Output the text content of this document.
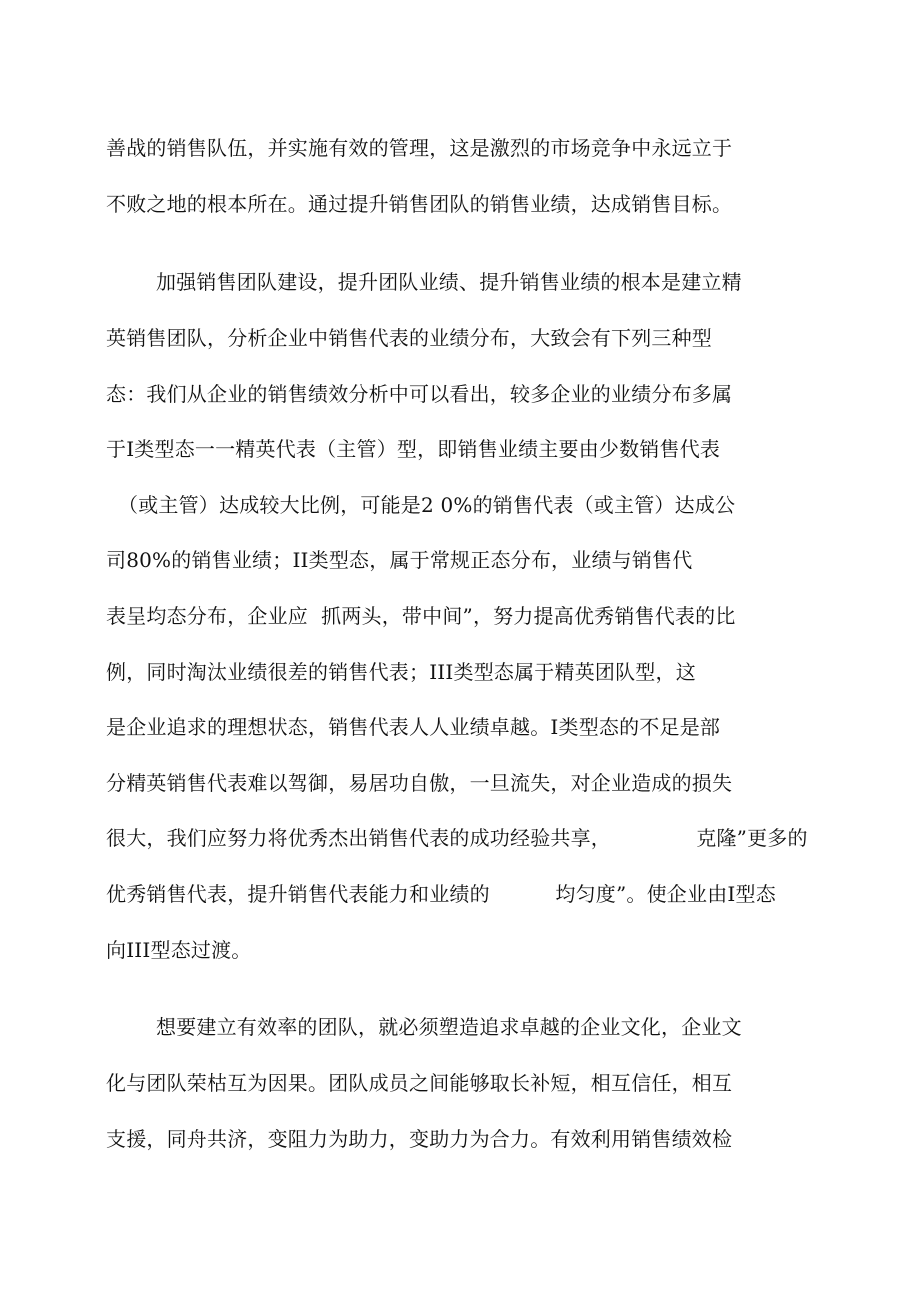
善战的销售队伍，并实施有效的管理，这是激烈的市场竞争中永远立于
不败之地的根本所在。通过提升销售团队的销售业绩，达成销售目标。
加强销售团队建设，提升团队业绩、提升销售业绩的根本是建立精
英销售团队，分析企业中销售代表的业绩分布，大致会有下列三种型
态：我们从企业的销售绩效分析中可以看出，较多企业的业绩分布多属
于I类型态一一精英代表（主管）型，即销售业绩主要由少数销售代表
（或主管）达成较大比例，可能是2 0%的销售代表（或主管）达成公
司80%的销售业绩；II类型态，属于常规正态分布，业绩与销售代
表呈均态分布，企业应  抓两头，带中间”，努力提高优秀销售代表的比
例，同时淘汰业绩很差的销售代表；III类型态属于精英团队型，这
是企业追求的理想状态，销售代表人人业绩卓越。I类型态的不足是部
分精英销售代表难以驾御，易居功自傲，一旦流失，对企业造成的损失
很大，我们应努力将优秀杰出销售代表的成功经验共享，             克隆”更多的
优秀销售代表，提升销售代表能力和业绩的          均匀度”。使企业由I型态
向III型态过渡。
想要建立有效率的团队，就必须塑造追求卓越的企业文化，企业文
化与团队荣枯互为因果。团队成员之间能够取长补短，相互信任，相互
支援，同舟共济，变阻力为助力，变助力为合力。有效利用销售绩效检
